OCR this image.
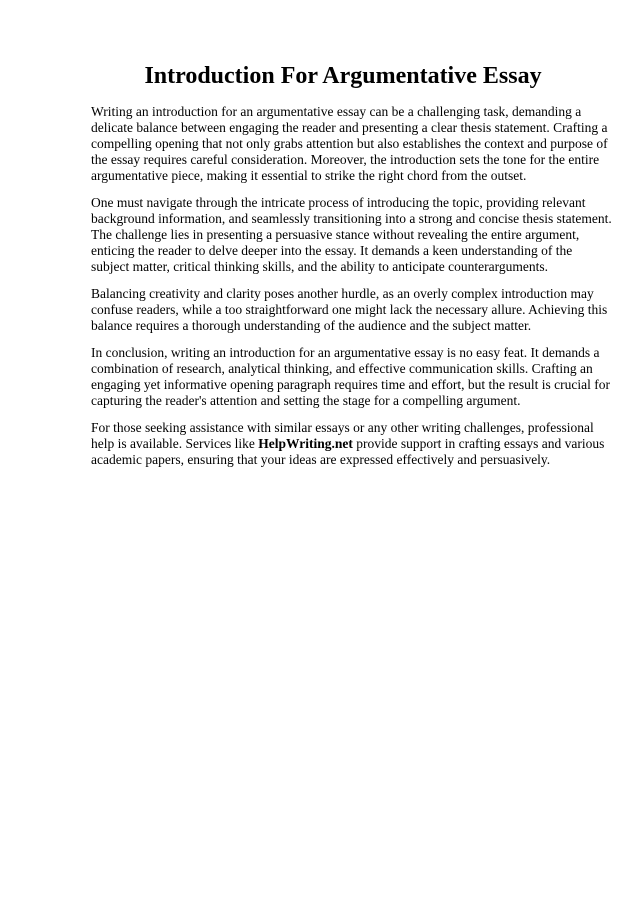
Introduction For Argumentative Essay

Writing an introduction for an argumentative essay can be a challenging task, demanding a delicate balance between engaging the reader and presenting a clear thesis statement. Crafting a compelling opening that not only grabs attention but also establishes the context and purpose of the essay requires careful consideration. Moreover, the introduction sets the tone for the entire argumentative piece, making it essential to strike the right chord from the outset.

One must navigate through the intricate process of introducing the topic, providing relevant background information, and seamlessly transitioning into a strong and concise thesis statement. The challenge lies in presenting a persuasive stance without revealing the entire argument, enticing the reader to delve deeper into the essay. It demands a keen understanding of the subject matter, critical thinking skills, and the ability to anticipate counterarguments.

Balancing creativity and clarity poses another hurdle, as an overly complex introduction may confuse readers, while a too straightforward one might lack the necessary allure. Achieving this balance requires a thorough understanding of the audience and the subject matter.

In conclusion, writing an introduction for an argumentative essay is no easy feat. It demands a combination of research, analytical thinking, and effective communication skills. Crafting an engaging yet informative opening paragraph requires time and effort, but the result is crucial for capturing the reader's attention and setting the stage for a compelling argument.

For those seeking assistance with similar essays or any other writing challenges, professional help is available. Services like HelpWriting.net provide support in crafting essays and various academic papers, ensuring that your ideas are expressed effectively and persuasively.
